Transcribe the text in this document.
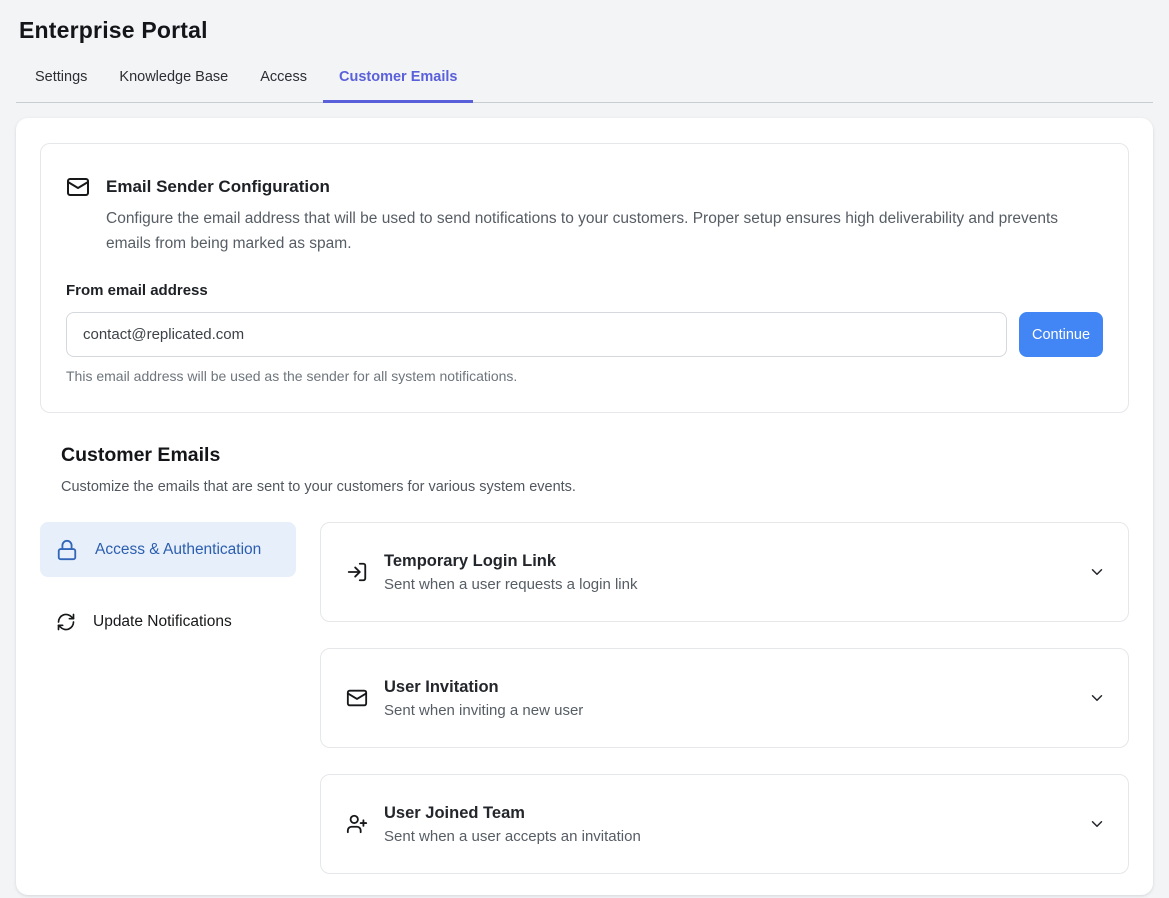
Enterprise Portal
Settings	Knowledge Base	Access	Customer Emails
Email Sender Configuration

Configure the email address that will be used to send notifications to your customers. Proper setup ensures high deliverability and prevents emails from being marked as spam.

From email address
contact@replicated.com
Continue
This email address will be used as the sender for all system notifications.
Customer Emails

Customize the emails that are sent to your customers for various system events.

Access & Authentication
Update Notifications
Temporary Login Link
Sent when a user requests a login link
User Invitation
Sent when inviting a new user
User Joined Team
Sent when a user accepts an invitation
